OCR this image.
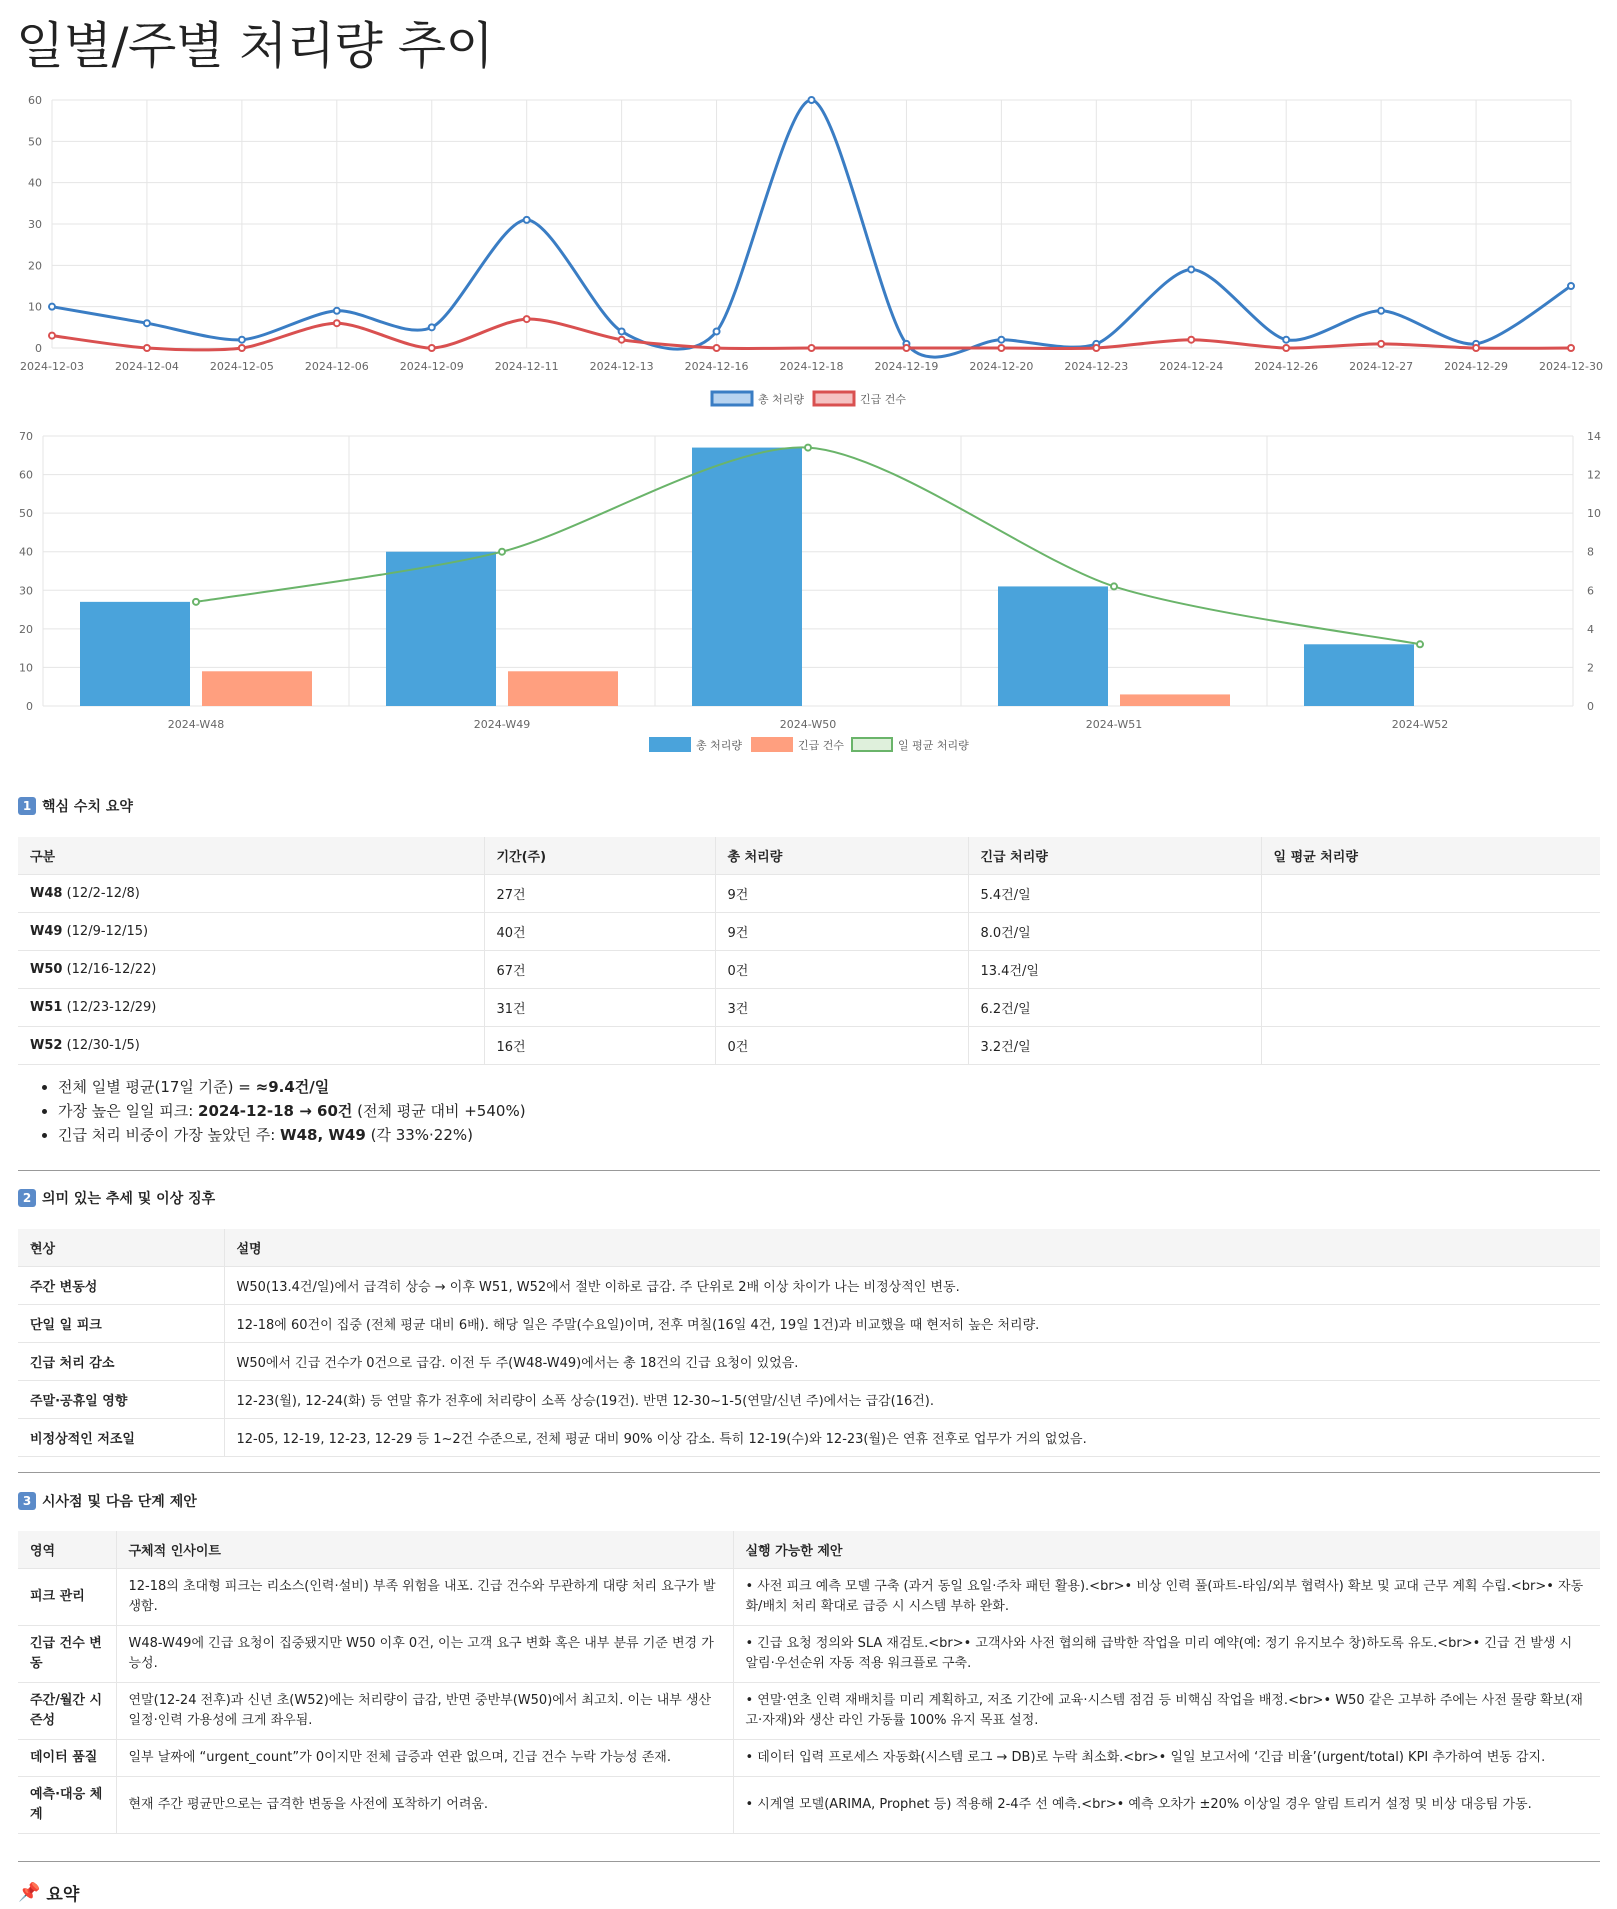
일별/주별 처리량 추이
0
10
20
30
40
50
60
2024-12-03	2024-12-04	2024-12-05	2024-12-06	2024-12-09	2024-12-11	2024-12-13	2024-12-16	2024-12-18	2024-12-19	2024-12-20	2024-12-23	2024-12-24	2024-12-26	2024-12-27	2024-12-29	2024-12-30
총 처리량	긴급 건수
0
10
20
30
40
50
60
70
0
2
4
6
8
10
12
14
2024-W48	2024-W49	2024-W50	2024-W51	2024-W52
총 처리량	긴급 건수	일 평균 처리량
1 핵심 수치 요약
구분	기간(주)	총 처리량	긴급 처리량	일 평균 처리량
W48 (12/2-12/8)	27건	9건	5.4건/일	
W49 (12/9-12/15)	40건	9건	8.0건/일	
W50 (12/16-12/22)	67건	0건	13.4건/일	
W51 (12/23-12/29)	31건	3건	6.2건/일	
W52 (12/30-1/5)	16건	0건	3.2건/일	
• 전체 일별 평균(17일 기준) = ≈9.4건/일
• 가장 높은 일일 피크: 2024-12-18 → 60건 (전체 평균 대비 +540%)
• 긴급 처리 비중이 가장 높았던 주: W48, W49 (각 33%·22%)
2 의미 있는 추세 및 이상 징후
현상	설명
주간 변동성	W50(13.4건/일)에서 급격히 상승 → 이후 W51, W52에서 절반 이하로 급감. 주 단위로 2배 이상 차이가 나는 비정상적인 변동.
단일 일 피크	12-18에 60건이 집중 (전체 평균 대비 6배). 해당 일은 주말(수요일)이며, 전후 며칠(16일 4건, 19일 1건)과 비교했을 때 현저히 높은 처리량.
긴급 처리 감소	W50에서 긴급 건수가 0건으로 급감. 이전 두 주(W48-W49)에서는 총 18건의 긴급 요청이 있었음.
주말·공휴일 영향	12-23(월), 12-24(화) 등 연말 휴가 전후에 처리량이 소폭 상승(19건). 반면 12-30~1-5(연말/신년 주)에서는 급감(16건).
비정상적인 저조일	12-05, 12-19, 12-23, 12-29 등 1~2건 수준으로, 전체 평균 대비 90% 이상 감소. 특히 12-19(수)와 12-23(월)은 연휴 전후로 업무가 거의 없었음.
3 시사점 및 다음 단계 제안
영역	구체적 인사이트	실행 가능한 제안
피크 관리	12-18의 초대형 피크는 리소스(인력·설비) 부족 위험을 내포. 긴급 건수와 무관하게 대량 처리 요구가 발생함.	• 사전 피크 예측 모델 구축 (과거 동일 요일·주차 패턴 활용).<br>• 비상 인력 풀(파트-타임/외부 협력사) 확보 및 교대 근무 계획 수립.<br>• 자동화/배치 처리 확대로 급증 시 시스템 부하 완화.
긴급 건수 변동	W48-W49에 긴급 요청이 집중됐지만 W50 이후 0건, 이는 고객 요구 변화 혹은 내부 분류 기준 변경 가능성.	• 긴급 요청 정의와 SLA 재검토.<br>• 고객사와 사전 협의해 급박한 작업을 미리 예약(예: 정기 유지보수 창)하도록 유도.<br>• 긴급 건 발생 시 알림·우선순위 자동 적용 워크플로 구축.
주간/월간 시즌성	연말(12-24 전후)과 신년 초(W52)에는 처리량이 급감, 반면 중반부(W50)에서 최고치. 이는 내부 생산 일정·인력 가용성에 크게 좌우됨.	• 연말·연초 인력 재배치를 미리 계획하고, 저조 기간에 교육·시스템 점검 등 비핵심 작업을 배정.<br>• W50 같은 고부하 주에는 사전 물량 확보(재고·자재)와 생산 라인 가동률 100% 유지 목표 설정.
데이터 품질	일부 날짜에 “urgent_count”가 0이지만 전체 급증과 연관 없으며, 긴급 건수 누락 가능성 존재.	• 데이터 입력 프로세스 자동화(시스템 로그 → DB)로 누락 최소화.<br>• 일일 보고서에 ‘긴급 비율’(urgent/total) KPI 추가하여 변동 감지.
예측·대응 체계	현재 주간 평균만으로는 급격한 변동을 사전에 포착하기 어려움.	• 시계열 모델(ARIMA, Prophet 등) 적용해 2-4주 선 예측.<br>• 예측 오차가 ±20% 이상일 경우 알림 트리거 설정 및 비상 대응팀 가동.
📌 요약
